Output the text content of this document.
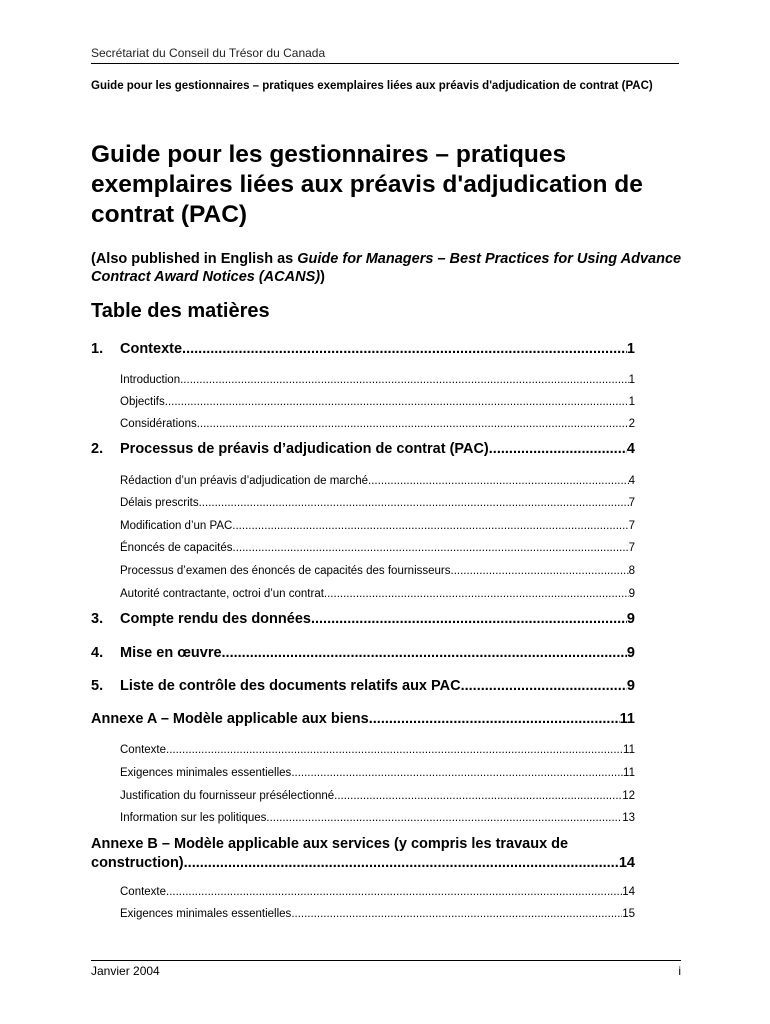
Secrétariat du Conseil du Trésor du Canada
Guide pour les gestionnaires – pratiques exemplaires liées aux préavis d'adjudication de contrat (PAC)
Guide pour les gestionnaires – pratiques exemplaires liées aux préavis d'adjudication de contrat (PAC)
(Also published in English as Guide for Managers – Best Practices for Using Advance Contract Award Notices (ACANS))
Table des matières
1.	Contexte .....	1
Introduction .....	1
Objectifs .....	1
Considérations .....	2
2.	Processus de préavis d’adjudication de contrat (PAC) .....	4
Rédaction d’un préavis d’adjudication de marché .....	4
Délais prescrits .....	7
Modification d’un PAC .....	7
Énoncés de capacités .....	7
Processus d’examen des énoncés de capacités des fournisseurs .....	8
Autorité contractante, octroi d’un contrat .....	9
3.	Compte rendu des données .....	9
4.	Mise en œuvre .....	9
5.	Liste de contrôle des documents relatifs aux PAC .....	9
Annexe A – Modèle applicable aux biens .....	11
Contexte .....	11
Exigences minimales essentielles .....	11
Justification du fournisseur présélectionné .....	12
Information sur les politiques .....	13
Annexe B – Modèle applicable aux services (y compris les travaux de
construction) .....	14
Contexte .....	14
Exigences minimales essentielles .....	15
Janvier 2004	i
